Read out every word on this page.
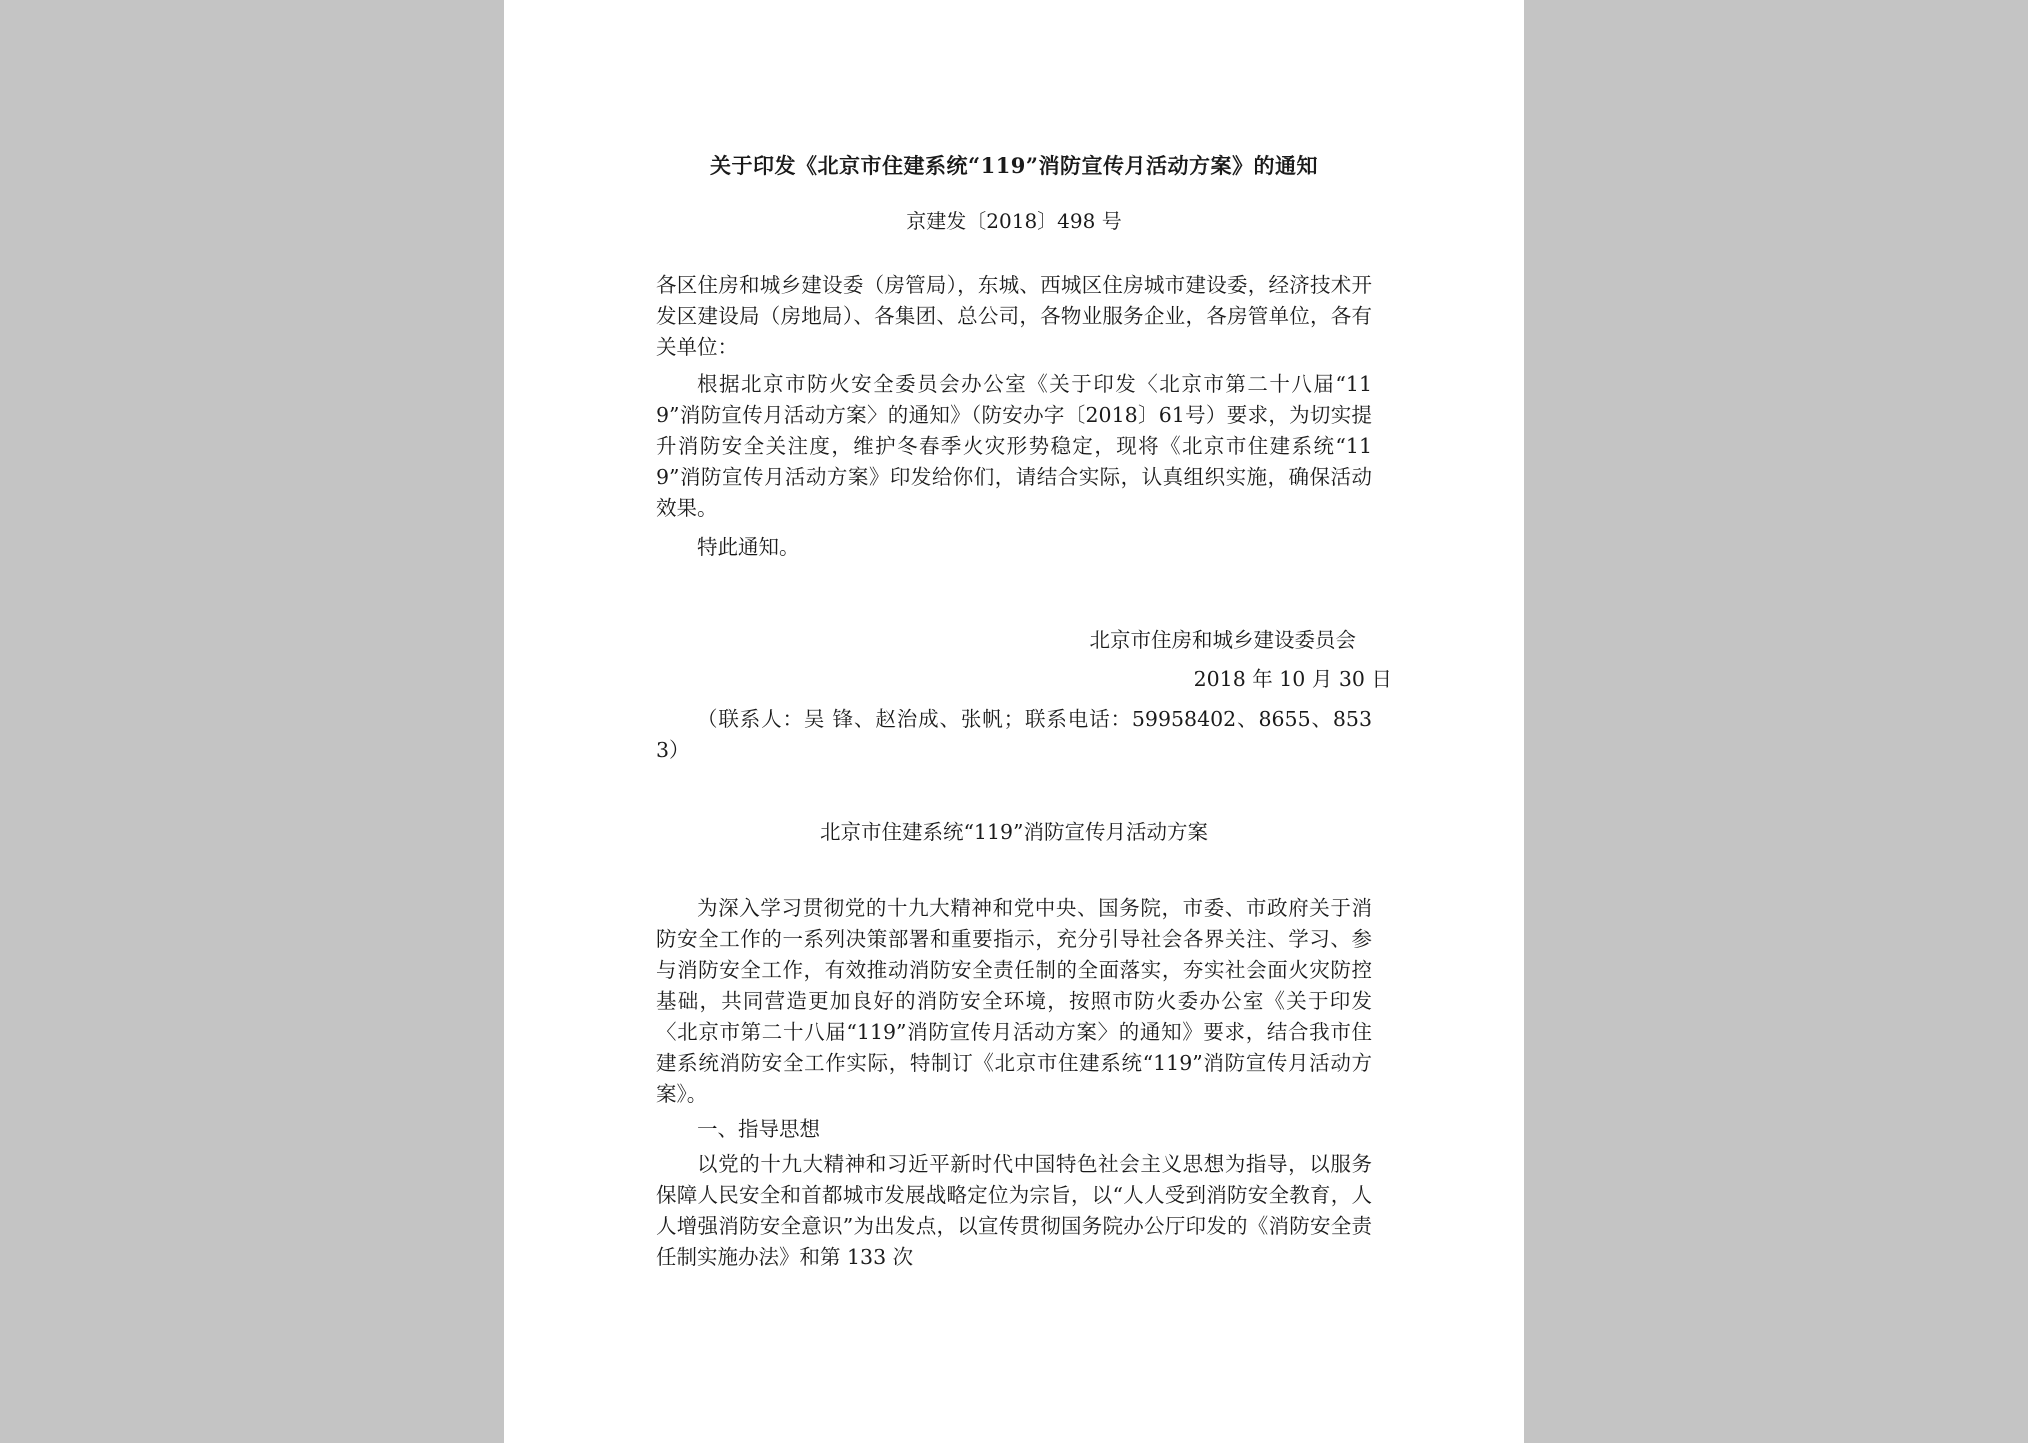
关于印发《北京市住建系统“119”消防宣传月活动方案》的通知
京建发〔2018〕498 号

各区住房和城乡建设委（房管局），东城、西城区住房城市建设委，经济技术开发区建设局（房地局）、各集团、总公司，各物业服务企业，各房管单位，各有关单位：

根据北京市防火安全委员会办公室《关于印发〈北京市第二十八届“119”消防宣传月活动方案〉的通知》（防安办字〔2018〕61号）要求，为切实提升消防安全关注度，维护冬春季火灾形势稳定，现将《北京市住建系统“119”消防宣传月活动方案》印发给你们，请结合实际，认真组织实施，确保活动效果。

特此通知。

北京市住房和城乡建设委员会
2018 年 10 月 30 日

（联系人：吴 锋、赵治成、张帆；联系电话：59958402、8655、8533）

北京市住建系统“119”消防宣传月活动方案

为深入学习贯彻党的十九大精神和党中央、国务院，市委、市政府关于消防安全工作的一系列决策部署和重要指示，充分引导社会各界关注、学习、参与消防安全工作，有效推动消防安全责任制的全面落实，夯实社会面火灾防控基础，共同营造更加良好的消防安全环境，按照市防火委办公室《关于印发〈北京市第二十八届“119”消防宣传月活动方案〉的通知》要求，结合我市住建系统消防安全工作实际，特制订《北京市住建系统“119”消防宣传月活动方案》。

一、指导思想

以党的十九大精神和习近平新时代中国特色社会主义思想为指导，以服务保障人民安全和首都城市发展战略定位为宗旨，以“人人受到消防安全教育，人人增强消防安全意识”为出发点，以宣传贯彻国务院办公厅印发的《消防安全责任制实施办法》和第 133 次
